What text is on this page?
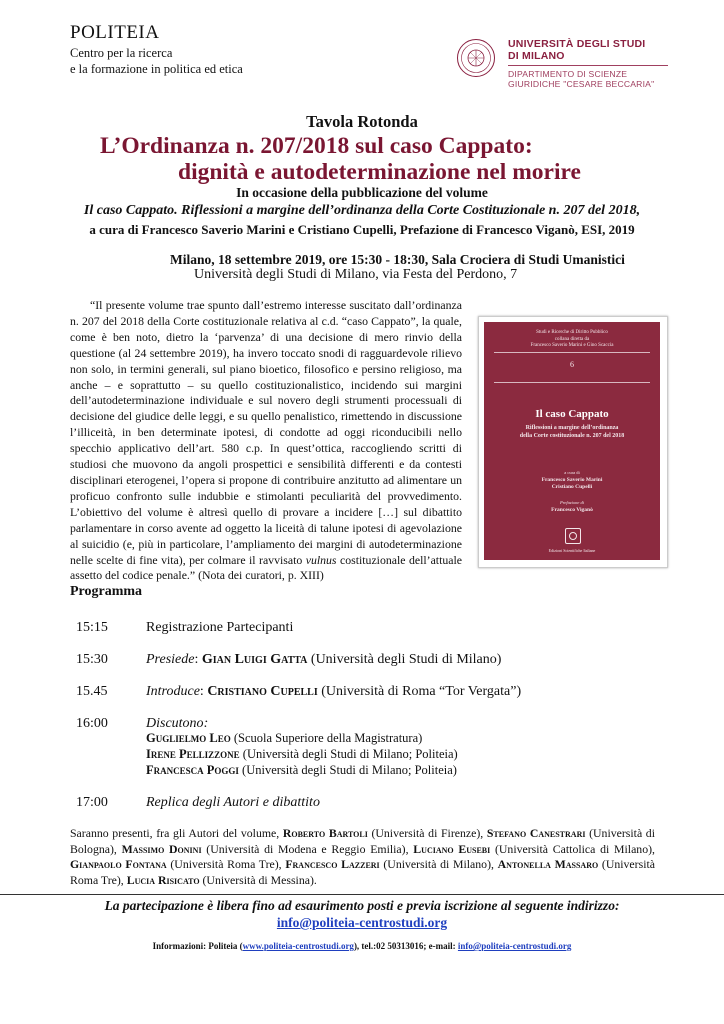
POLITEIA
Centro per la ricerca
e la formazione in politica ed etica
UNIVERSITÀ DEGLI STUDI
DI MILANO
DIPARTIMENTO DI SCIENZE
GIURIDICHE "CESARE BECCARIA"
Tavola Rotonda
L’Ordinanza n. 207/2018 sul caso Cappato:
dignità e autodeterminazione nel morire
In occasione della pubblicazione del volume
Il caso Cappato. Riflessioni a margine dell’ordinanza della Corte Costituzionale n. 207 del 2018,
a cura di Francesco Saverio Marini e Cristiano Cupelli, Prefazione di Francesco Viganò, ESI, 2019
Milano, 18 settembre 2019, ore 15:30 - 18:30, Sala Crociera di Studi Umanistici
Università degli Studi di Milano, via Festa del Perdono, 7
“Il presente volume trae spunto dall’estremo interesse suscitato dall’ordinanza n. 207 del 2018 della Corte costituzionale relativa al c.d. “caso Cappato”, la quale, come è ben noto, dietro la ‘parvenza’ di una decisione di mero rinvio della questione (al 24 settembre 2019), ha invero toccato snodi di ragguardevole rilievo non solo, in termini generali, sul piano bioetico, filosofico e persino religioso, ma anche – e soprattutto – su quello costituzionalistico, incidendo sui margini dell’autodeterminazione individuale e sul novero degli strumenti processuali di decisione del giudice delle leggi, e su quello penalistico, rimettendo in discussione l’illiceità, in ben determinate ipotesi, di condotte ad oggi riconducibili nello specchio applicativo dell’art. 580 c.p. In quest’ottica, raccogliendo scritti di studiosi che muovono da angoli prospettici e sensibilità differenti e da contesti disciplinari eterogenei, l’opera si propone di contribuire anzitutto ad alimentare un proficuo confronto sulle indubbie e stimolanti peculiarità del provvedimento. L’obiettivo del volume è altresì quello di provare a incidere […] sul dibattito parlamentare in corso avente ad oggetto la liceità di talune ipotesi di agevolazione al suicidio (e, più in particolare, l’ampliamento dei margini di autodeterminazione nelle scelte di fine vita), per colmare il ravvisato vulnus costituzionale dell’attuale assetto del codice penale.” (Nota dei curatori, p. XIII)
Studi e Ricerche di Diritto Pubblico
collana diretta da
Francesco Saverio Marini e Gino Scaccia
6
Il caso Cappato
Riflessioni a margine dell’ordinanza
della Corte costituzionale n. 207 del 2018
a cura di
Francesco Saverio Marini
Cristiano Cupelli
Prefazione di
Francesco Viganò
Edizioni Scientifiche Italiane
Programma
15:15	Registrazione Partecipanti
15:30	Presiede: Gian Luigi Gatta (Università degli Studi di Milano)
15.45	Introduce: Cristiano Cupelli (Università di Roma “Tor Vergata”)
16:00	Discutono:
Guglielmo Leo (Scuola Superiore della Magistratura)
Irene Pellizzone (Università degli Studi di Milano; Politeia)
Francesca Poggi (Università degli Studi di Milano; Politeia)
17:00	Replica degli Autori e dibattito
Saranno presenti, fra gli Autori del volume, Roberto Bartoli (Università di Firenze), Stefano Canestrari (Università di Bologna), Massimo Donini (Università di Modena e Reggio Emilia), Luciano Eusebi (Università Cattolica di Milano), Gianpaolo Fontana (Università Roma Tre), Francesco Lazzeri (Università di Milano), Antonella Massaro (Università Roma Tre), Lucia Risicato (Università di Messina).
La partecipazione è libera fino ad esaurimento posti e previa iscrizione al seguente indirizzo:
info@politeia-centrostudi.org
Informazioni: Politeia (www.politeia-centrostudi.org), tel.:02 50313016; e-mail: info@politeia-centrostudi.org
